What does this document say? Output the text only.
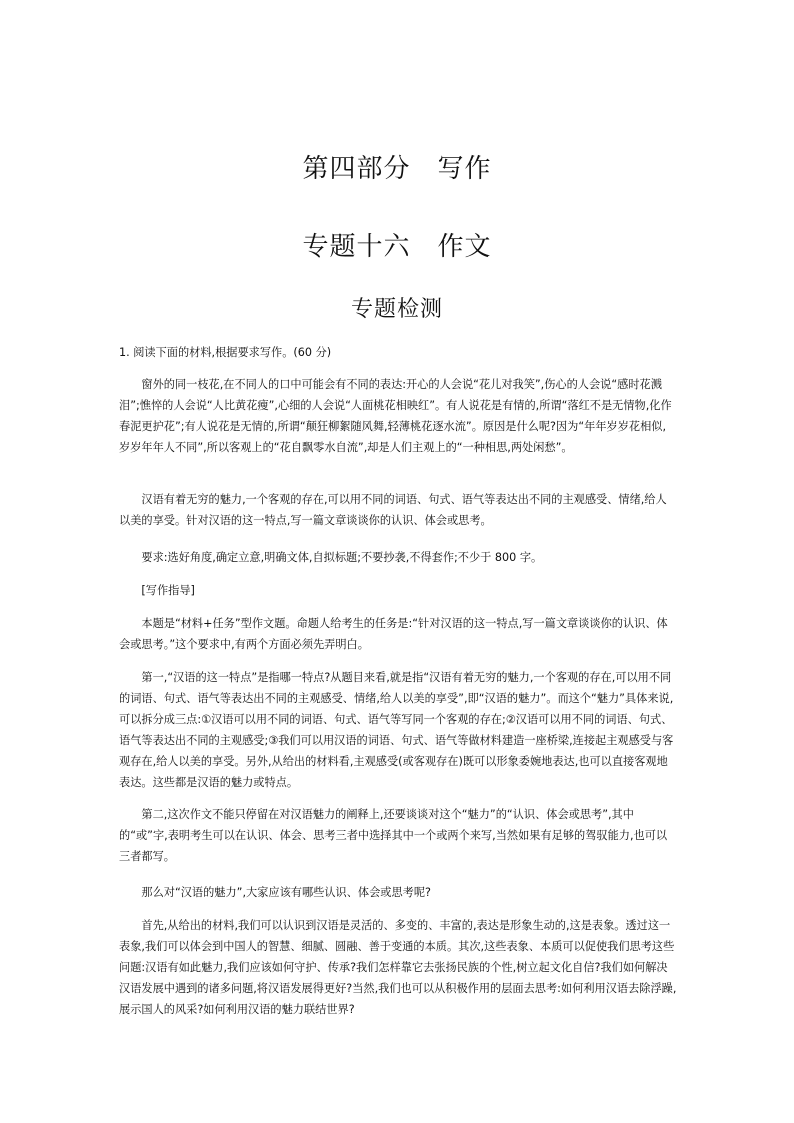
第四部分　写作
专题十六　作文
专题检测

1. 阅读下面的材料,根据要求写作。(60 分)

窗外的同一枝花,在不同人的口中可能会有不同的表达:开心的人会说“花儿对我笑”,伤心的人会说“感时花溅泪”;憔悴的人会说“人比黄花瘦”,心细的人会说“人面桃花相映红”。有人说花是有情的,所谓“落红不是无情物,化作春泥更护花”;有人说花是无情的,所谓“颠狂柳絮随风舞,轻薄桃花逐水流”。原因是什么呢?因为“年年岁岁花相似,岁岁年年人不同”,所以客观上的“花自飘零水自流”,却是人们主观上的“一种相思,两处闲愁”。

汉语有着无穷的魅力,一个客观的存在,可以用不同的词语、句式、语气等表达出不同的主观感受、情绪,给人以美的享受。针对汉语的这一特点,写一篇文章谈谈你的认识、体会或思考。

要求:选好角度,确定立意,明确文体,自拟标题;不要抄袭,不得套作;不少于 800 字。

[写作指导]

本题是“材料+任务”型作文题。命题人给考生的任务是:“针对汉语的这一特点,写一篇文章谈谈你的认识、体会或思考。”这个要求中,有两个方面必须先弄明白。

第一,“汉语的这一特点”是指哪一特点?从题目来看,就是指“汉语有着无穷的魅力,一个客观的存在,可以用不同的词语、句式、语气等表达出不同的主观感受、情绪,给人以美的享受”,即“汉语的魅力”。而这个“魅力”具体来说,可以拆分成三点:①汉语可以用不同的词语、句式、语气等写同一个客观的存在;②汉语可以用不同的词语、句式、语气等表达出不同的主观感受;③我们可以用汉语的词语、句式、语气等做材料建造一座桥梁,连接起主观感受与客观存在,给人以美的享受。另外,从给出的材料看,主观感受(或客观存在)既可以形象委婉地表达,也可以直接客观地表达。这些都是汉语的魅力或特点。

第二,这次作文不能只停留在对汉语魅力的阐释上,还要谈谈对这个“魅力”的“认识、体会或思考”,其中的“或”字,表明考生可以在认识、体会、思考三者中选择其中一个或两个来写,当然如果有足够的驾驭能力,也可以三者都写。

那么对“汉语的魅力”,大家应该有哪些认识、体会或思考呢?

首先,从给出的材料,我们可以认识到汉语是灵活的、多变的、丰富的,表达是形象生动的,这是表象。透过这一表象,我们可以体会到中国人的智慧、细腻、圆融、善于变通的本质。其次,这些表象、本质可以促使我们思考这些问题:汉语有如此魅力,我们应该如何守护、传承?我们怎样靠它去张扬民族的个性,树立起文化自信?我们如何解决汉语发展中遇到的诸多问题,将汉语发展得更好?当然,我们也可以从积极作用的层面去思考:如何利用汉语去除浮躁,展示国人的风采?如何利用汉语的魅力联结世界?
